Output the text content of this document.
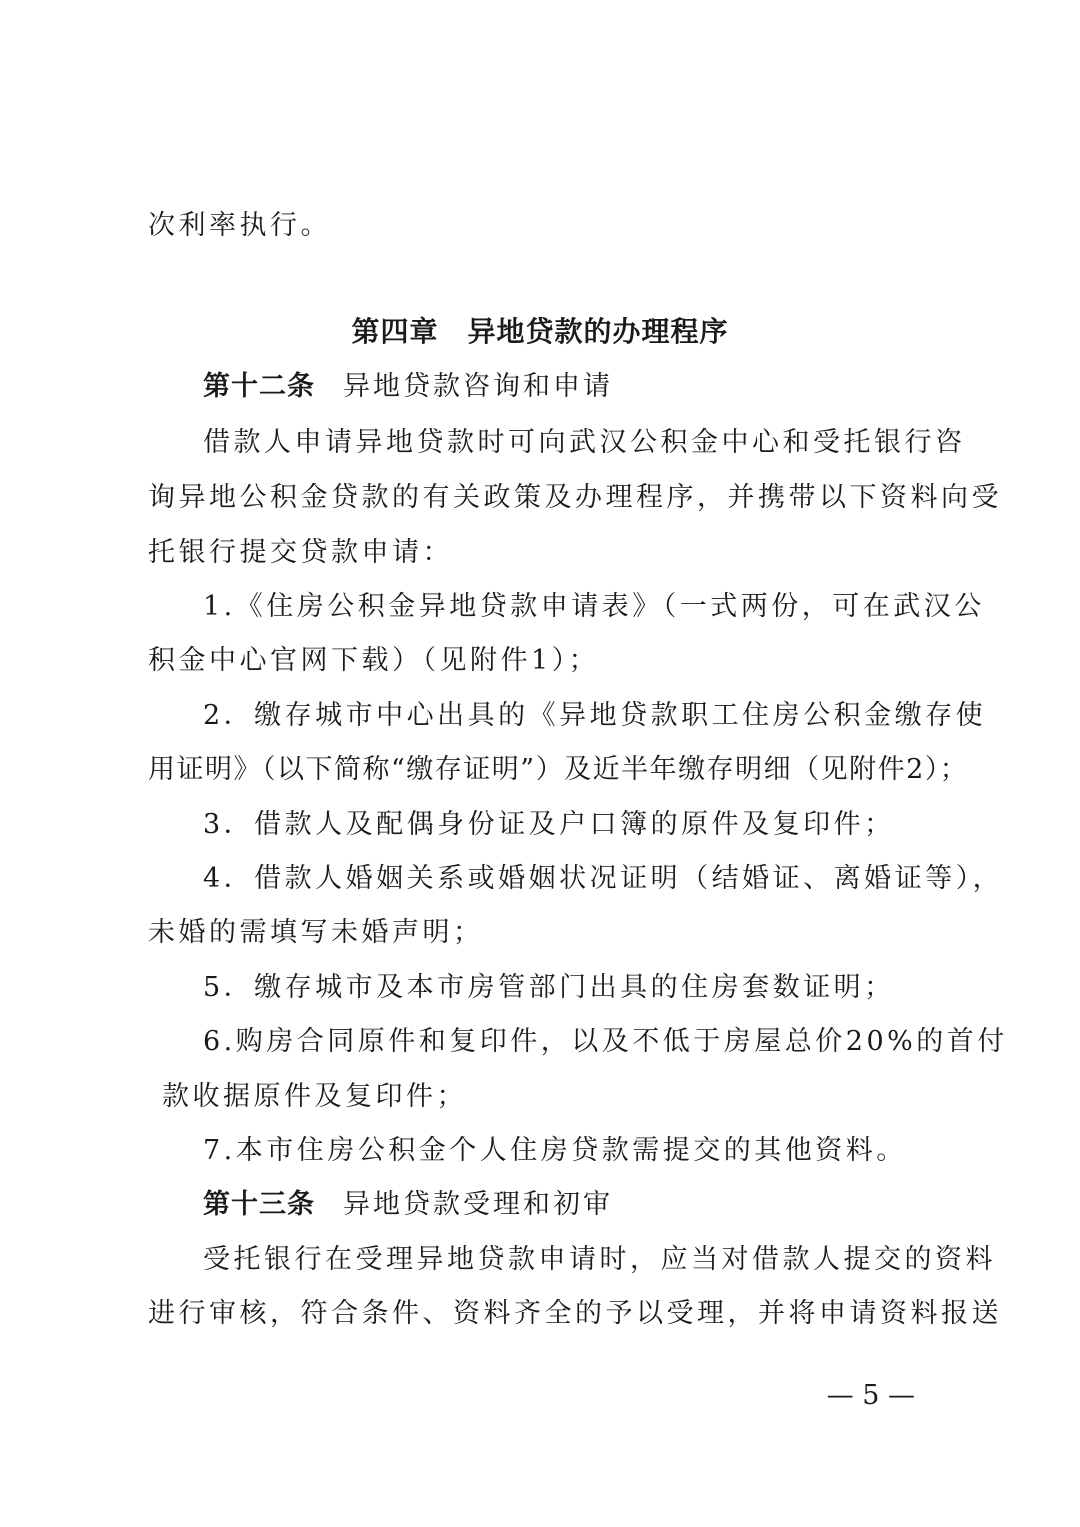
次利率执行。
第四章　异地贷款的办理程序
第十二条 异地贷款咨询和申请
借款人申请异地贷款时可向武汉公积金中心和受托银行咨
询异地公积金贷款的有关政策及办理程序，并携带以下资料向受
托银行提交贷款申请：
1.《住房公积金异地贷款申请表》（一式两份，可在武汉公
积金中心官网下载）（见附件1）；
2．缴存城市中心出具的《异地贷款职工住房公积金缴存使
用证明》（以下简称“缴存证明”）及近半年缴存明细（见附件2）；
3．借款人及配偶身份证及户口簿的原件及复印件；
4．借款人婚姻关系或婚姻状况证明（结婚证、离婚证等），
未婚的需填写未婚声明；
5．缴存城市及本市房管部门出具的住房套数证明；
6.购房合同原件和复印件，以及不低于房屋总价20%的首付
款收据原件及复印件；
7.本市住房公积金个人住房贷款需提交的其他资料。
第十三条 异地贷款受理和初审
受托银行在受理异地贷款申请时，应当对借款人提交的资料
进行审核，符合条件、资料齐全的予以受理，并将申请资料报送
— 5 —
